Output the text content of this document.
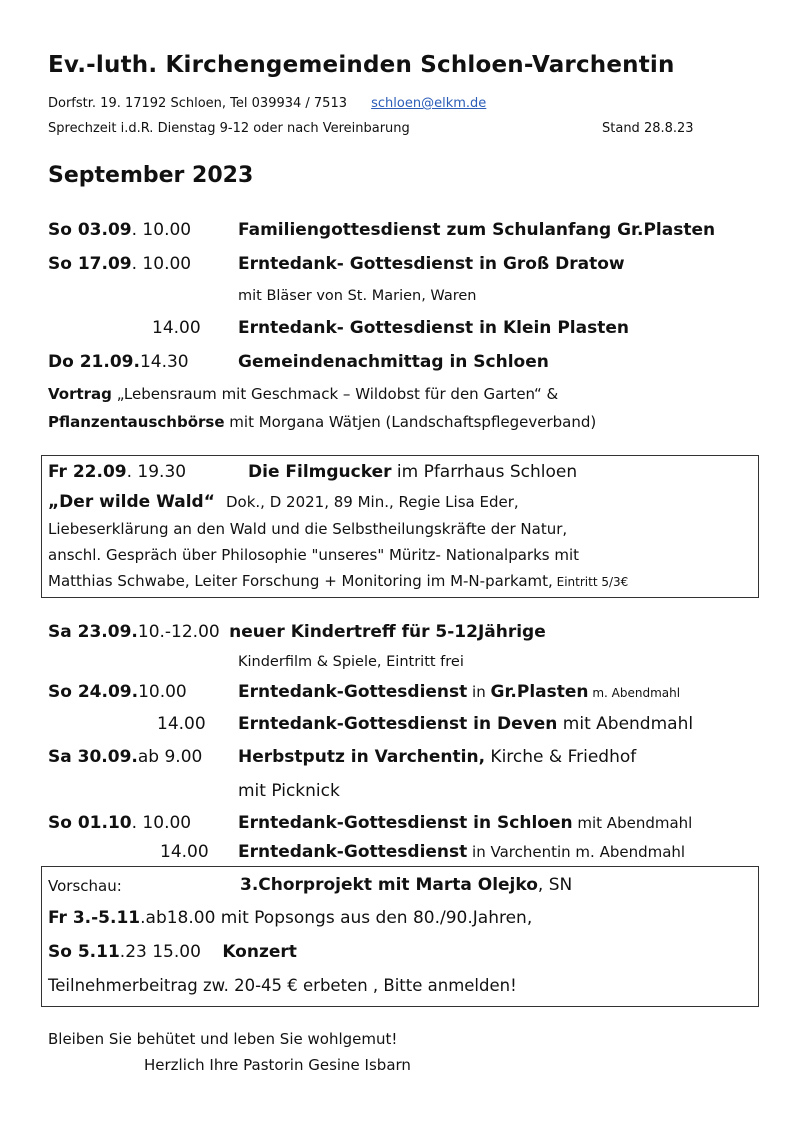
Ev.-luth. Kirchengemeinden Schloen-Varchentin
Dorfstr. 19. 17192 Schloen, Tel 039934 / 7513 schloen@elkm.de
Sprechzeit i.d.R. Dienstag 9-12 oder nach Vereinbarung	Stand 28.8.23
September 2023
So 03.09. 10.00	Familiengottesdienst zum Schulanfang Gr.Plasten
So 17.09. 10.00	Erntedank- Gottesdienst in Groß Dratow
mit Bläser von St. Marien, Waren
14.00 Erntedank- Gottesdienst in Klein Plasten
Do 21.09.14.30	Gemeindenachmittag in Schloen
Vortrag „Lebensraum mit Geschmack – Wildobst für den Garten“ &
Pflanzentauschbörse mit Morgana Wätjen (Landschaftspflegeverband)
Fr 22.09. 19.30	Die Filmgucker im Pfarrhaus Schloen
„Der wilde Wald“ Dok., D 2021, 89 Min., Regie Lisa Eder,
Liebeserklärung an den Wald und die Selbstheilungskräfte der Natur,
anschl. Gespräch über Philosophie "unseres" Müritz- Nationalparks mit
Matthias Schwabe, Leiter Forschung + Monitoring im M-N-parkamt, Eintritt 5/3€
Sa 23.09.10.-12.00 neuer Kindertreff für 5-12Jährige
Kinderfilm & Spiele, Eintritt frei
So 24.09.10.00	Erntedank-Gottesdienst in Gr.Plasten m. Abendmahl
14.00 Erntedank-Gottesdienst in Deven mit Abendmahl
Sa 30.09.ab 9.00 Herbstputz in Varchentin, Kirche & Friedhof
mit Picknick
So 01.10. 10.00	Erntedank-Gottesdienst in Schloen mit Abendmahl
14.00 Erntedank-Gottesdienst in Varchentin m. Abendmahl
Vorschau:	3.Chorprojekt mit Marta Olejko, SN
Fr 3.-5.11.ab18.00 mit Popsongs aus den 80./90.Jahren,
So 5.11.23 15.00 Konzert
Teilnehmerbeitrag zw. 20-45 € erbeten , Bitte anmelden!
Bleiben Sie behütet und leben Sie wohlgemut!
Herzlich Ihre Pastorin Gesine Isbarn
